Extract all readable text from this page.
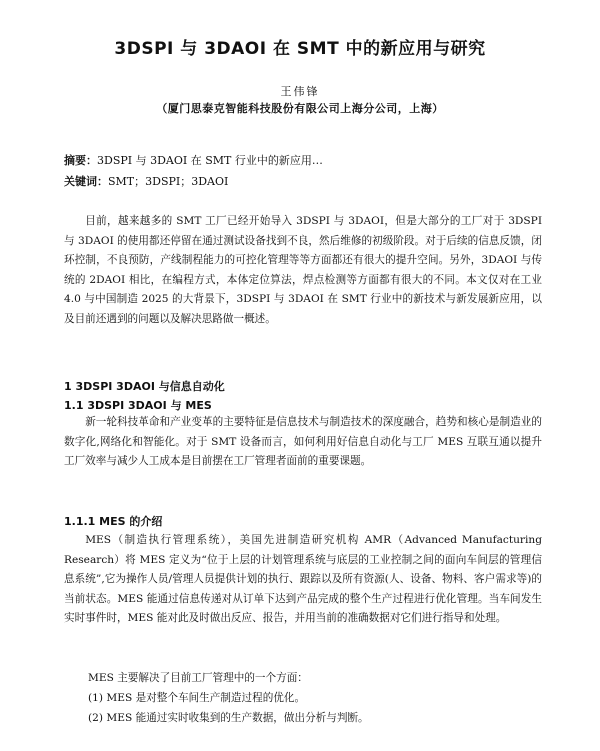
3DSPI 与 3DAOI 在 SMT 中的新应用与研究
王伟锋
（厦门思泰克智能科技股份有限公司上海分公司，上海）
摘要：3DSPI 与 3DAOI 在 SMT 行业中的新应用…
关键词：SMT；3DSPI；3DAOI

目前，越来越多的 SMT 工厂已经开始导入 3DSPI 与 3DAOI，但是大部分的工厂对于 3DSPI 与 3DAOI 的使用都还停留在通过测试设备找到不良，然后维修的初级阶段。对于后续的信息反馈，闭环控制，不良预防，产线制程能力的可控化管理等等方面都还有很大的提升空间。另外，3DAOI 与传统的 2DAOI 相比，在编程方式，本体定位算法，焊点检测等方面都有很大的不同。本文仅对在工业 4.0 与中国制造 2025 的大背景下，3DSPI 与 3DAOI 在 SMT 行业中的新技术与新发展新应用，以及目前还遇到的问题以及解决思路做一概述。

1 3DSPI 3DAOI 与信息自动化
1.1 3DSPI 3DAOI 与 MES

新一轮科技革命和产业变革的主要特征是信息技术与制造技术的深度融合，趋势和核心是制造业的数字化,网络化和智能化。对于 SMT 设备而言，如何利用好信息自动化与工厂 MES 互联互通以提升工厂效率与减少人工成本是目前摆在工厂管理者面前的重要课题。

1.1.1 MES 的介绍

MES（制造执行管理系统），美国先进制造研究机构 AMR（Advanced Manufacturing Research）将 MES 定义为“位于上层的计划管理系统与底层的工业控制之间的面向车间层的管理信息系统”,它为操作人员/管理人员提供计划的执行、跟踪以及所有资源(人、设备、物料、客户需求等)的当前状态。MES 能通过信息传递对从订单下达到产品完成的整个生产过程进行优化管理。当车间发生实时事件时，MES 能对此及时做出反应、报告，并用当前的准确数据对它们进行指导和处理。

MES 主要解决了目前工厂管理中的一个方面：

(1) MES 是对整个车间生产制造过程的优化。

(2) MES 能通过实时收集到的生产数据，做出分析与判断。
